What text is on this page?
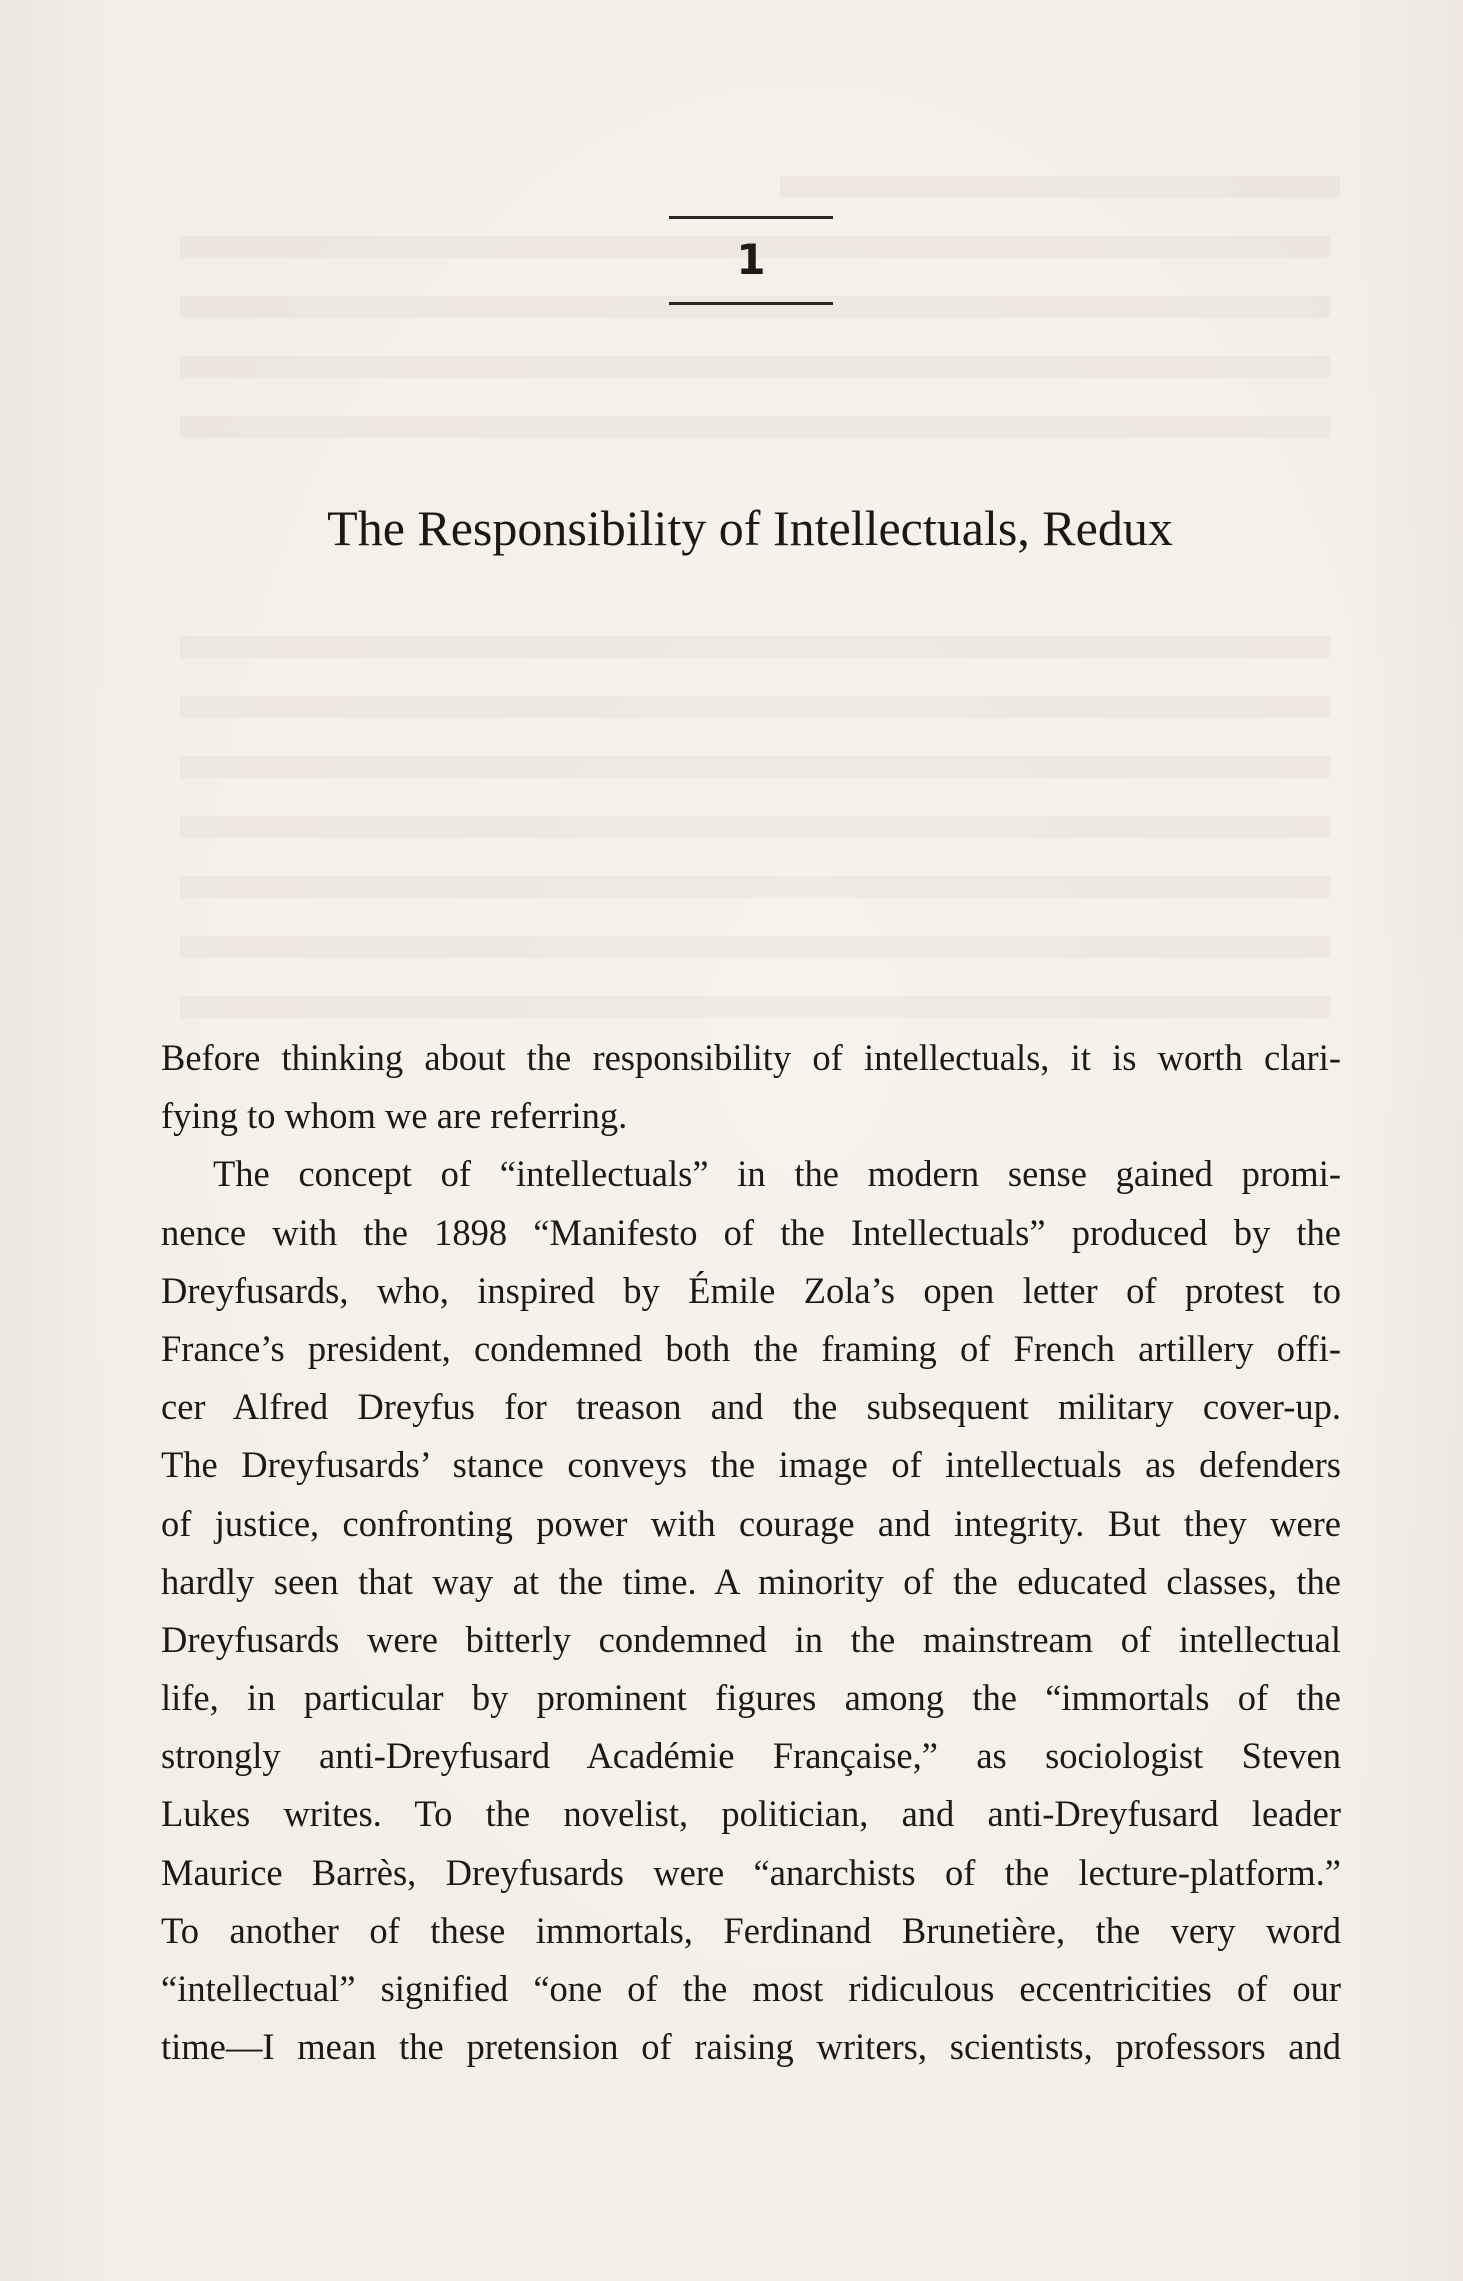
1
The Responsibility of Intellectuals, Redux
Before thinking about the responsibility of intellectuals, it is worth clari-
fying to whom we are referring.
The concept of “intellectuals” in the modern sense gained promi-
nence with the 1898 “Manifesto of the Intellectuals” produced by the
Dreyfusards, who, inspired by Émile Zola’s open letter of protest to
France’s president, condemned both the framing of French artillery offi-
cer Alfred Dreyfus for treason and the subsequent military cover-up.
The Dreyfusards’ stance conveys the image of intellectuals as defenders
of justice, confronting power with courage and integrity. But they were
hardly seen that way at the time. A minority of the educated classes, the
Dreyfusards were bitterly condemned in the mainstream of intellectual
life, in particular by prominent figures among the “immortals of the
strongly anti-Dreyfusard Académie Française,” as sociologist Steven
Lukes writes. To the novelist, politician, and anti-Dreyfusard leader
Maurice Barrès, Dreyfusards were “anarchists of the lecture-platform.”
To another of these immortals, Ferdinand Brunetière, the very word
“intellectual” signified “one of the most ridiculous eccentricities of our
time—I mean the pretension of raising writers, scientists, professors and
